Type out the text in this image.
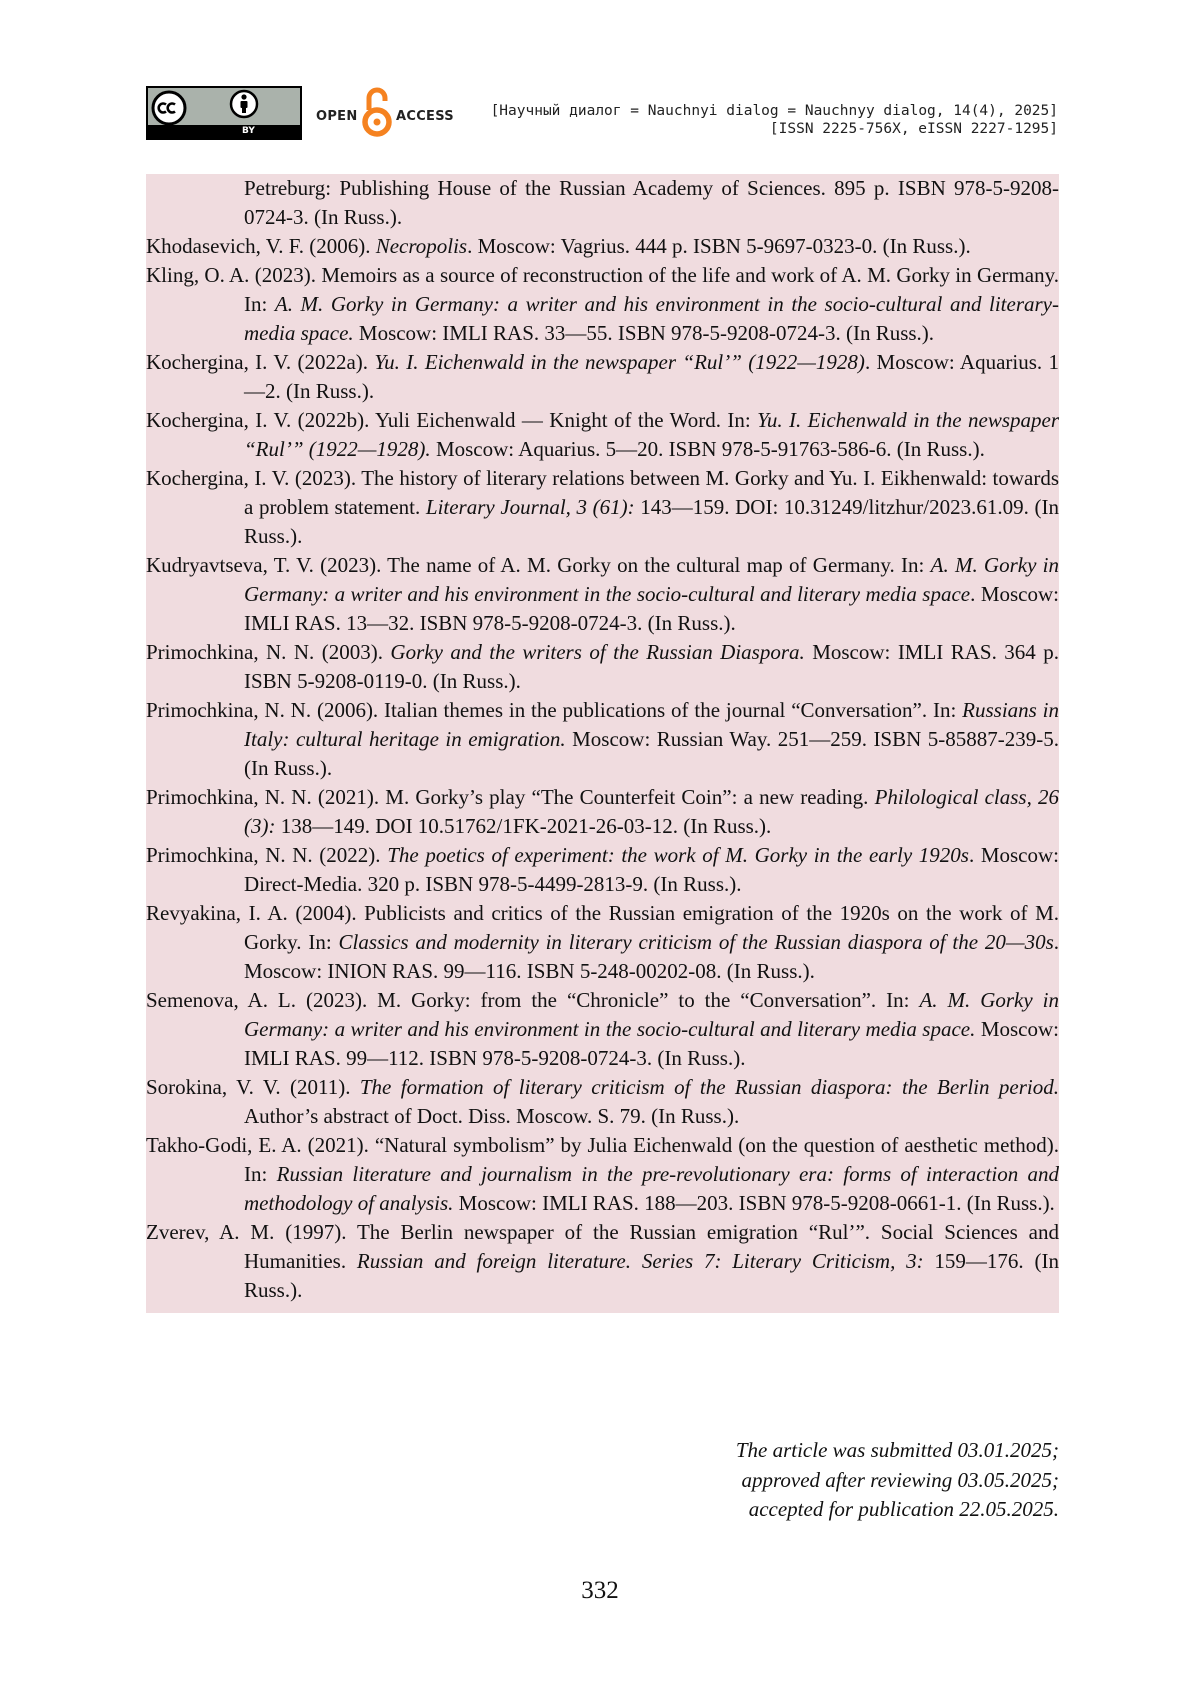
BY
OPEN	ACCESS	[Научный диалог = Nauchnyi dialog = Nauchnyy dialog, 14(4), 2025]
[ISSN 2225-756X, eISSN 2227-1295]
Petreburg: Publishing House of the Russian Academy of Sciences. 895 p. ISBN 978-5-9208-0724-3. (In Russ.).
Khodasevich, V. F. (2006). Necropolis. Moscow: Vagrius. 444 p. ISBN 5-9697-0323-0. (In Russ.).
Kling, O. A. (2023). Memoirs as a source of reconstruction of the life and work of A. M. Gorky in Germany. In: A. M. Gorky in Germany: a writer and his environment in the socio-cultural and literary-media space. Moscow: IMLI RAS. 33—55. ISBN 978-5-9208-0724-3. (In Russ.).
Kochergina, I. V. (2022a). Yu. I. Eichenwald in the newspaper “Rul’” (1922—1928). Moscow: Aquarius. 1—2. (In Russ.).
Kochergina, I. V. (2022b). Yuli Eichenwald — Knight of the Word. In: Yu. I. Eichenwald in the newspaper “Rul’” (1922—1928). Moscow: Aquarius. 5—20. ISBN 978-5-91763-586-6. (In Russ.).
Kochergina, I. V. (2023). The history of literary relations between M. Gorky and Yu. I. Eikhenwald: towards a problem statement. Literary Journal, 3 (61): 143—159. DOI: 10.31249/litzhur/2023.61.09. (In Russ.).
Kudryavtseva, T. V. (2023). The name of A. M. Gorky on the cultural map of Germany. In: A. M. Gorky in Germany: a writer and his environment in the socio-cultural and literary media space. Moscow: IMLI RAS. 13—32. ISBN 978-5-9208-0724-3. (In Russ.).
Primochkina, N. N. (2003). Gorky and the writers of the Russian Diaspora. Moscow: IMLI RAS. 364 p. ISBN 5-9208-0119-0. (In Russ.).
Primochkina, N. N. (2006). Italian themes in the publications of the journal “Conversation”. In: Russians in Italy: cultural heritage in emigration. Moscow: Russian Way. 251—259. ISBN 5-85887-239-5. (In Russ.).
Primochkina, N. N. (2021). M. Gorky’s play “The Counterfeit Coin”: a new reading. Philological class, 26 (3): 138—149. DOI 10.51762/1FK-2021-26-03-12. (In Russ.).
Primochkina, N. N. (2022). The poetics of experiment: the work of M. Gorky in the early 1920s. Moscow: Direct-Media. 320 p. ISBN 978-5-4499-2813-9. (In Russ.).
Revyakina, I. A. (2004). Publicists and critics of the Russian emigration of the 1920s on the work of M. Gorky. In: Classics and modernity in literary criticism of the Russian diaspora of the 20—30s. Moscow: INION RAS. 99—116. ISBN 5-248-00202-08. (In Russ.).
Semenova, A. L. (2023). M. Gorky: from the “Chronicle” to the “Conversation”. In: A. M. Gorky in Germany: a writer and his environment in the socio-cultural and literary media space. Moscow: IMLI RAS. 99—112. ISBN 978-5-9208-0724-3. (In Russ.).
Sorokina, V. V. (2011). The formation of literary criticism of the Russian diaspora: the Berlin period. Author’s abstract of Doct. Diss. Moscow. S. 79. (In Russ.).
Takho-Godi, E. A. (2021). “Natural symbolism” by Julia Eichenwald (on the question of aesthetic method). In: Russian literature and journalism in the pre-revolutionary era: forms of interaction and methodology of analysis. Moscow: IMLI RAS. 188—203. ISBN 978-5-9208-0661-1. (In Russ.).
Zverev, A. M. (1997). The Berlin newspaper of the Russian emigration “Rul’”. Social Sciences and Humanities. Russian and foreign literature. Series 7: Literary Criticism, 3: 159—176. (In Russ.).
The article was submitted 03.01.2025;
approved after reviewing 03.05.2025;
accepted for publication 22.05.2025.
332
